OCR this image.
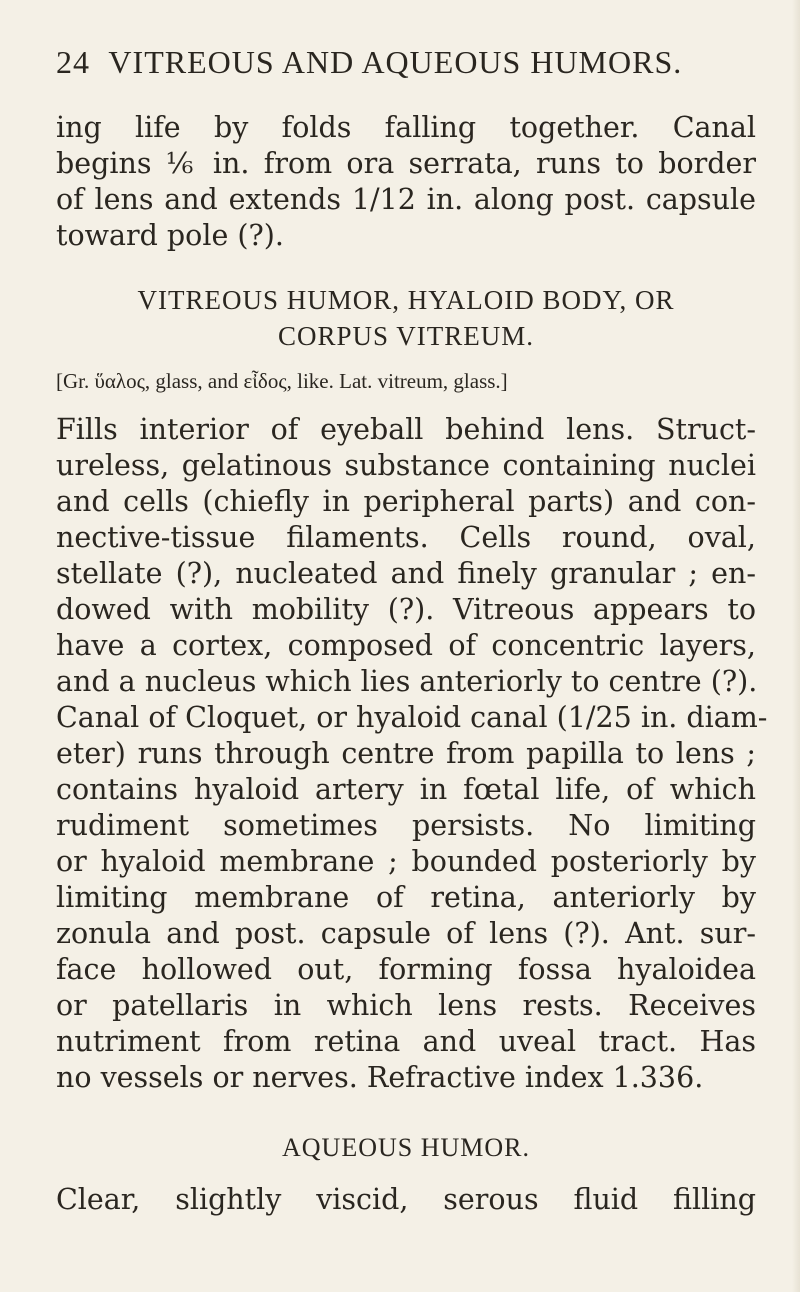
24 VITREOUS AND AQUEOUS HUMORS.
ing life by folds falling together. Canal
begins ⅙ in. from ora serrata, runs to border
of lens and extends 1/12 in. along post. capsule
toward pole (?).
VITREOUS HUMOR, HYALOID BODY, OR
CORPUS VITREUM.
[Gr. ὕαλος, glass, and εἶδος, like. Lat. vitreum, glass.]
Fills interior of eyeball behind lens. Struct-
ureless, gelatinous substance containing nuclei
and cells (chiefly in peripheral parts) and con-
nective-tissue filaments. Cells round, oval,
stellate (?), nucleated and finely granular ; en-
dowed with mobility (?). Vitreous appears to
have a cortex, composed of concentric layers,
and a nucleus which lies anteriorly to centre (?).
Canal of Cloquet, or hyaloid canal (1/25 in. diam-
eter) runs through centre from papilla to lens ;
contains hyaloid artery in fœtal life, of which
rudiment sometimes persists. No limiting
or hyaloid membrane ; bounded posteriorly by
limiting membrane of retina, anteriorly by
zonula and post. capsule of lens (?). Ant. sur-
face hollowed out, forming fossa hyaloidea
or patellaris in which lens rests. Receives
nutriment from retina and uveal tract. Has
no vessels or nerves. Refractive index 1.336.
AQUEOUS HUMOR.
Clear, slightly viscid, serous fluid filling
